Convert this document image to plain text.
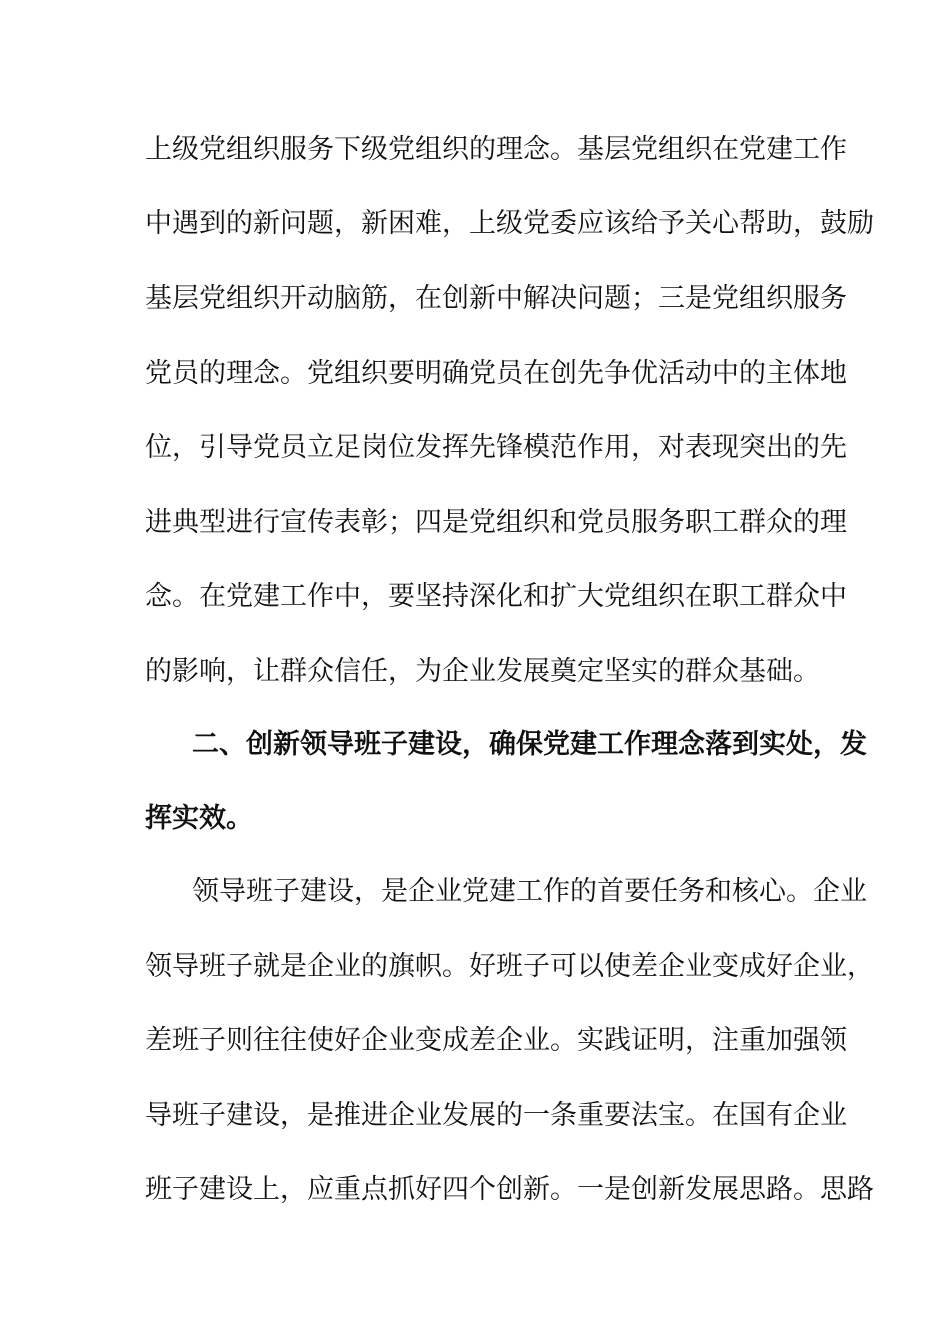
上级党组织服务下级党组织的理念。基层党组织在党建工作
中遇到的新问题，新困难，上级党委应该给予关心帮助，鼓励
基层党组织开动脑筋，在创新中解决问题；三是党组织服务
党员的理念。党组织要明确党员在创先争优活动中的主体地
位，引导党员立足岗位发挥先锋模范作用，对表现突出的先
进典型进行宣传表彰；四是党组织和党员服务职工群众的理
念。在党建工作中，要坚持深化和扩大党组织在职工群众中
的影响，让群众信任，为企业发展奠定坚实的群众基础。
二、创新领导班子建设，确保党建工作理念落到实处，发
挥实效。
领导班子建设，是企业党建工作的首要任务和核心。企业
领导班子就是企业的旗帜。好班子可以使差企业变成好企业，
差班子则往往使好企业变成差企业。实践证明，注重加强领
导班子建设，是推进企业发展的一条重要法宝。在国有企业
班子建设上，应重点抓好四个创新。一是创新发展思路。思路
